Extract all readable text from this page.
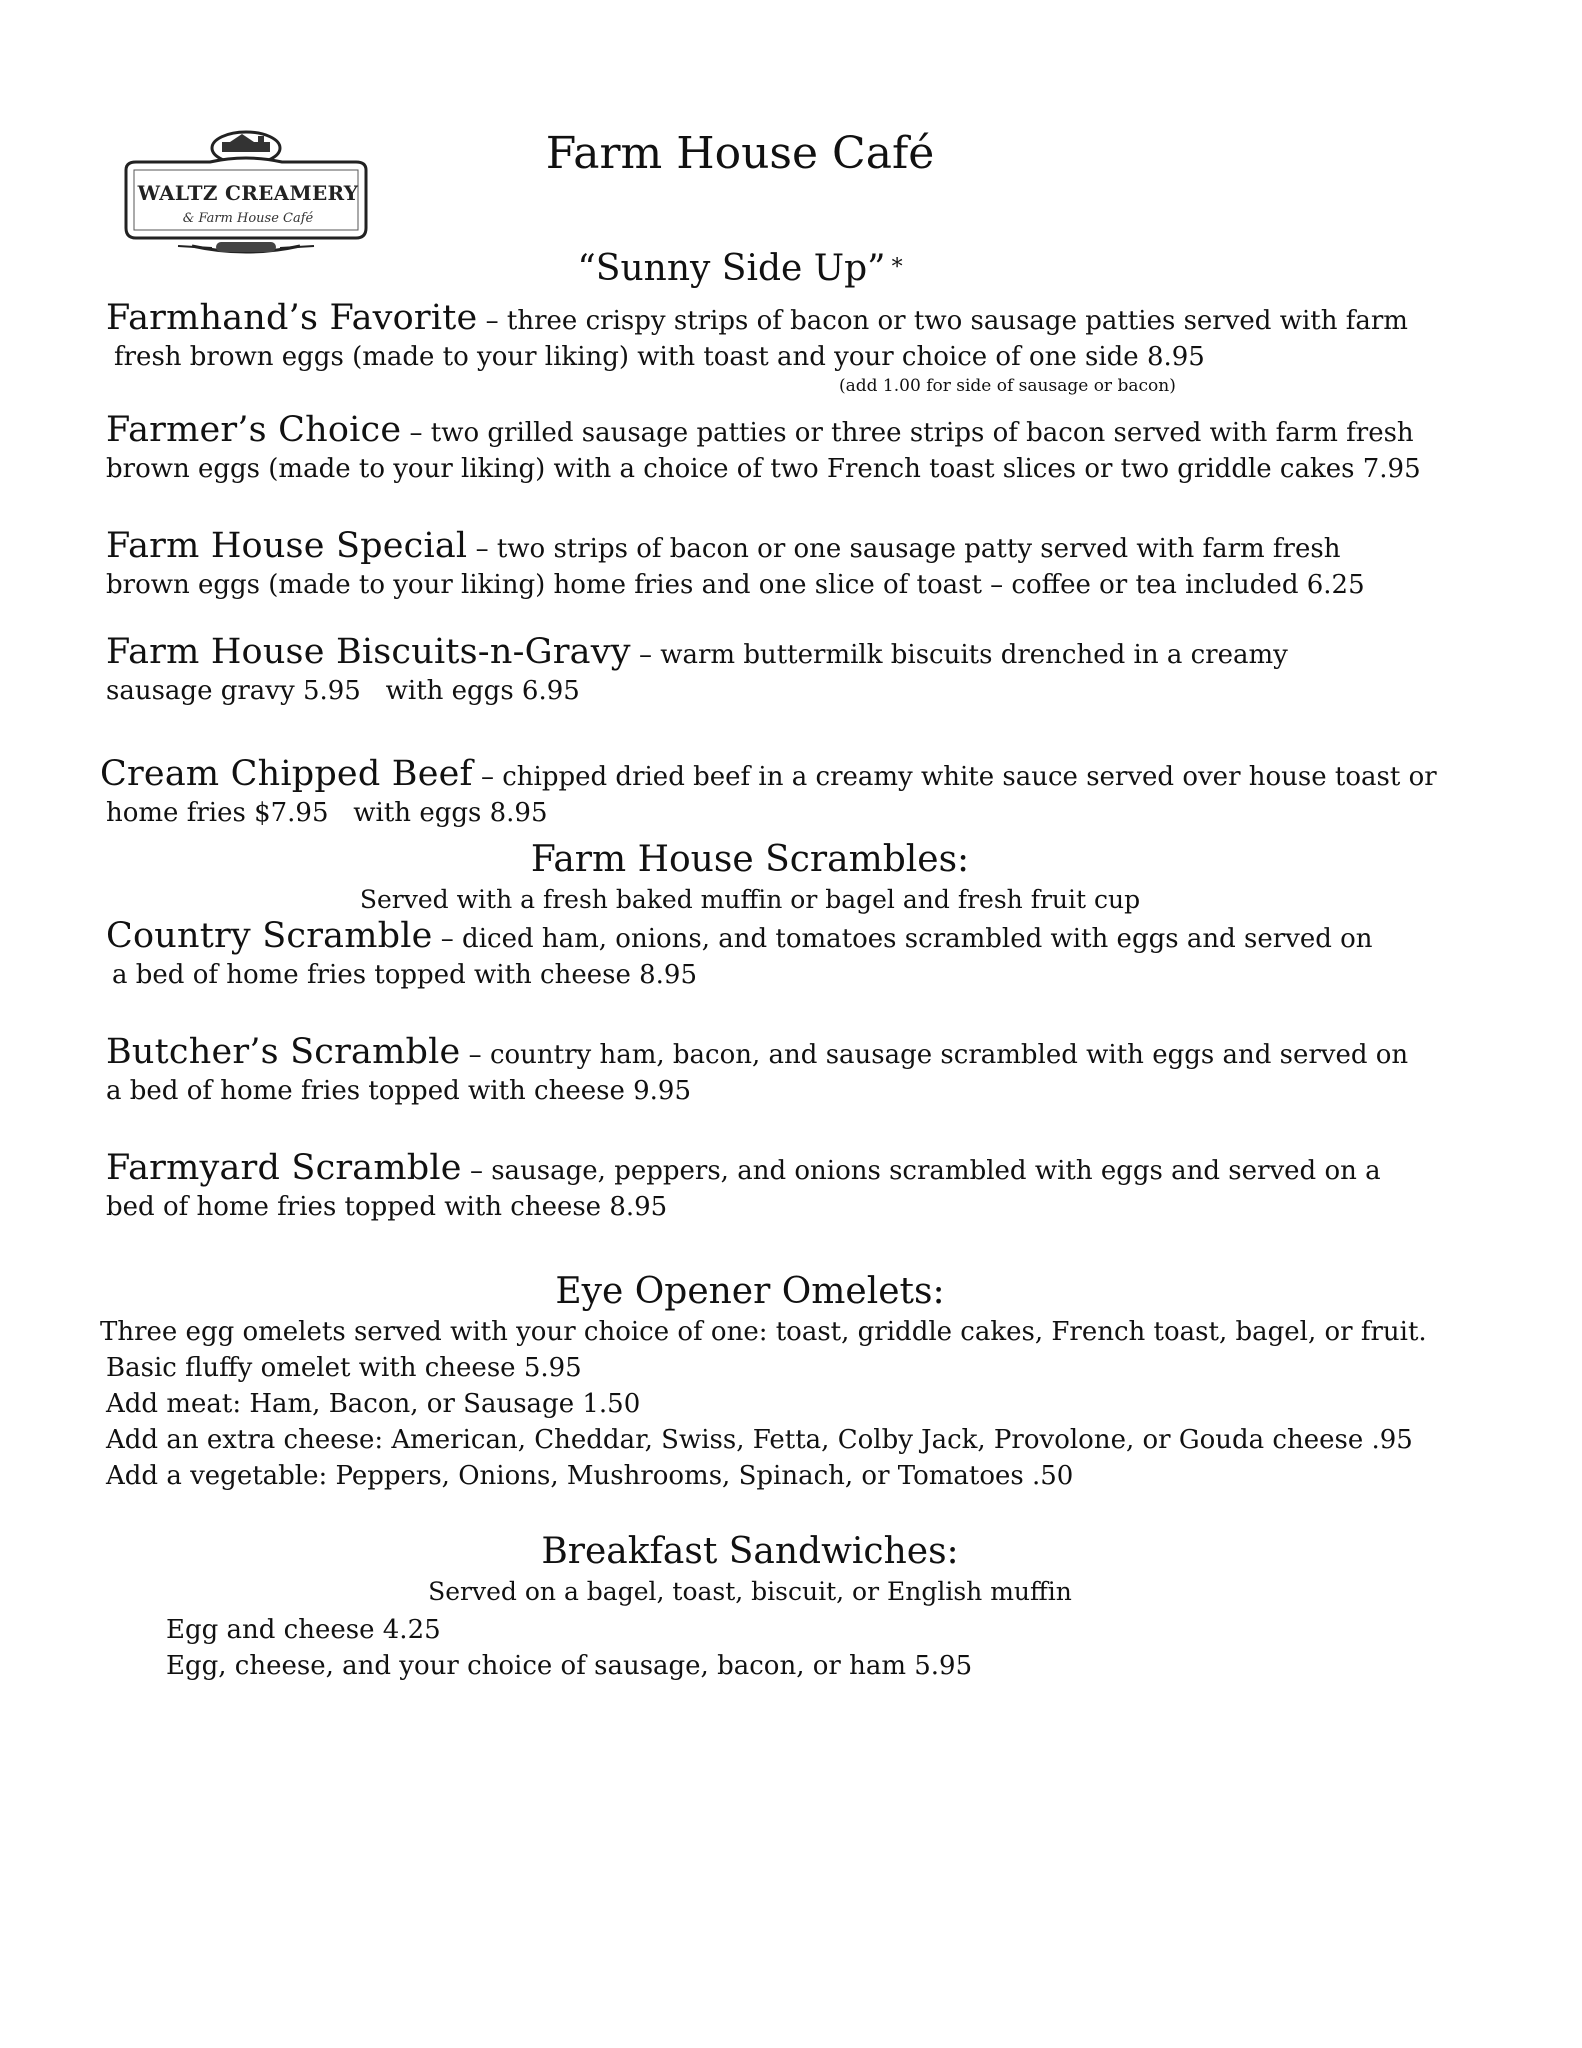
WALTZ CREAMERY
& Farm House Café
Farm House Café
“Sunny Side Up” *
Farmhand’s Favorite – three crispy strips of bacon or two sausage patties served with farm
fresh brown eggs (made to your liking) with toast and your choice of one side 8.95
(add 1.00 for side of sausage or bacon)
Farmer’s Choice – two grilled sausage patties or three strips of bacon served with farm fresh
brown eggs (made to your liking) with a choice of two French toast slices or two griddle cakes 7.95
Farm House Special – two strips of bacon or one sausage patty served with farm fresh
brown eggs (made to your liking) home fries and one slice of toast – coffee or tea included 6.25
Farm House Biscuits-n-Gravy – warm buttermilk biscuits drenched in a creamy
sausage gravy 5.95   with eggs 6.95
Cream Chipped Beef – chipped dried beef in a creamy white sauce served over house toast or
home fries $7.95   with eggs 8.95
Farm House Scrambles:
Served with a fresh baked muffin or bagel and fresh fruit cup
Country Scramble – diced ham, onions, and tomatoes scrambled with eggs and served on
a bed of home fries topped with cheese 8.95
Butcher’s Scramble – country ham, bacon, and sausage scrambled with eggs and served on
a bed of home fries topped with cheese 9.95
Farmyard Scramble – sausage, peppers, and onions scrambled with eggs and served on a
bed of home fries topped with cheese 8.95
Eye Opener Omelets:
Three egg omelets served with your choice of one: toast, griddle cakes, French toast, bagel, or fruit.
Basic fluffy omelet with cheese 5.95
Add meat: Ham, Bacon, or Sausage 1.50
Add an extra cheese: American, Cheddar, Swiss, Fetta, Colby Jack, Provolone, or Gouda cheese .95
Add a vegetable: Peppers, Onions, Mushrooms, Spinach, or Tomatoes .50
Breakfast Sandwiches:
Served on a bagel, toast, biscuit, or English muffin
Egg and cheese 4.25
Egg, cheese, and your choice of sausage, bacon, or ham 5.95
